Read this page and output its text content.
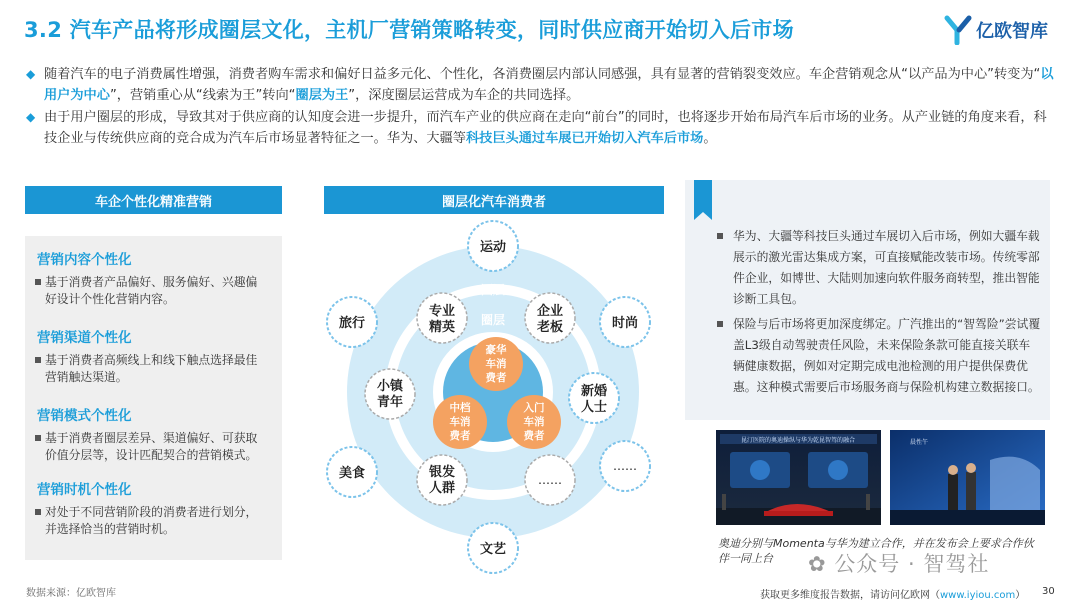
3.2 汽车产品将形成圈层文化，主机厂营销策略转变，同时供应商开始切入后市场	亿欧智库
◆ 随着汽车的电子消费属性增强，消费者购车需求和偏好日益多元化、个性化，各消费圈层内部认同感强，具有显著的营销裂变效应。车企营销观念从“以产品为中心”转变为“以用户为中心”，营销重心从“线索为王”转向“圈层为王”，深度圈层运营成为车企的共同选择。
◆ 由于用户圈层的形成，导致其对于供应商的认知度会进一步提升，而汽车产业的供应商在走向“前台”的同时，也将逐步开始布局汽车后市场的业务。从产业链的角度来看，科技企业与传统供应商的竞合成为汽车后市场显著特征之一。华为、大疆等科技巨头通过车展已开始切入汽车后市场。
车企个性化精准营销
营销内容个性化
基于消费者产品偏好、服务偏好、兴趣偏好设计个性化营销内容。
营销渠道个性化
基于消费者高频线上和线下触点选择最佳营销触达渠道。
营销模式个性化
基于消费者圈层差异、渠道偏好、可获取价值分层等，设计匹配契合的营销模式。
营销时机个性化
对处于不同营销阶段的消费者进行划分，并选择恰当的营销时机。
圈层化汽车消费者
圈层
圈层
运动
时尚
新婚
人士
……
文艺
美食
旅行
企业
老板
……
银发
人群
小镇
青年
专业
精英
豪华
车消
费者
入门
车消
费者
中档
车消
费者
华为、大疆等科技巨头通过车展切入后市场，例如大疆车载展示的激光雷达集成方案，可直接赋能改装市场。传统零部件企业，如博世、大陆则加速向软件服务商转型，推出智能诊断工具包。
保险与后市场将更加深度绑定。广汽推出的“智驾险”尝试覆盖L3级自动驾驶责任风险，未来保险条款可能直接关联车辆健康数据，例如对定期完成电池检测的用户提供保费优惠。这种模式需要后市场服务商与保险机构建立数据接口。
昆汀医院的奥迪操纵与华为乾昆智驾的融合	晨性午
奥迪分别与Momenta与华为建立合作，并在发布会上要求合作伙伴一同上台	✿ 公众号 · 智驾社
数据来源：亿欧智库	获取更多维度报告数据，请访问亿欧网（www.iyiou.com） 30
